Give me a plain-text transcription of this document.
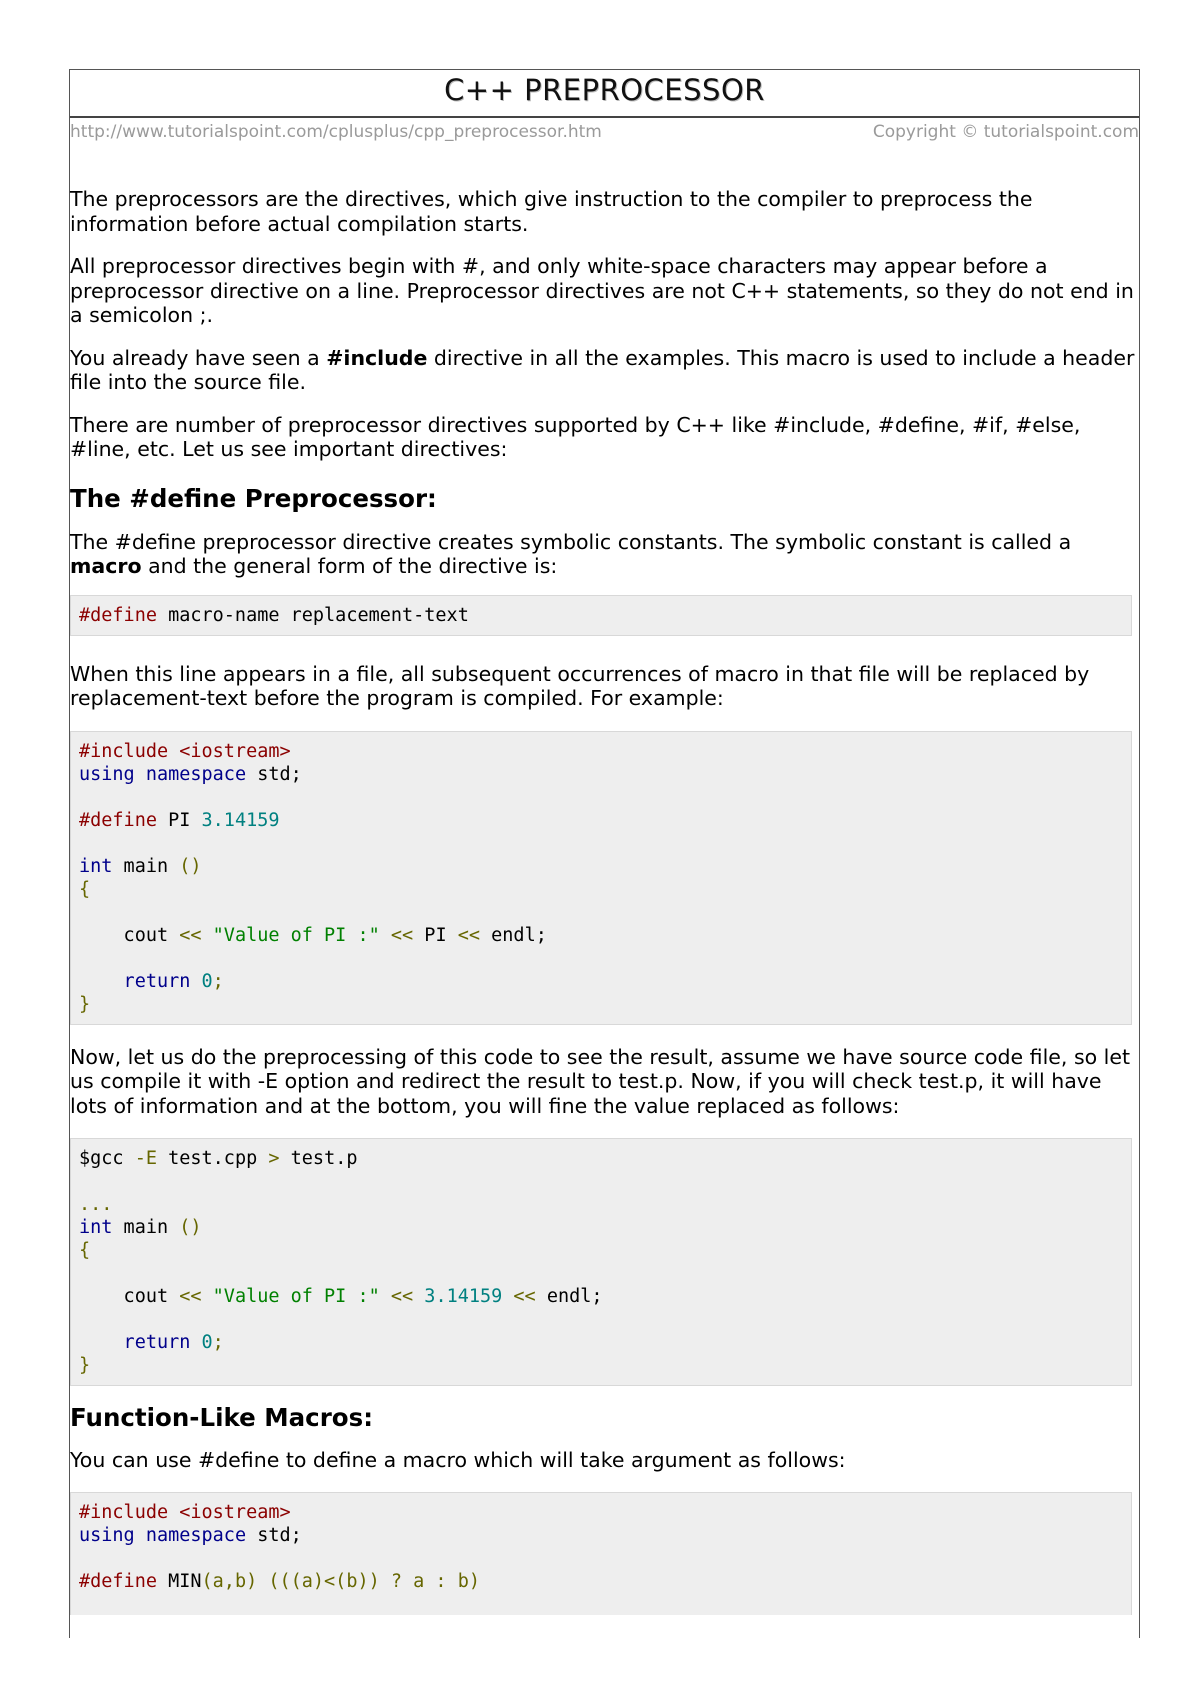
C++ PREPROCESSOR
http://www.tutorialspoint.com/cplusplus/cpp_preprocessor.htm	Copyright © tutorialspoint.com

The preprocessors are the directives, which give instruction to the compiler to preprocess the information before actual compilation starts.

All preprocessor directives begin with #, and only white-space characters may appear before a preprocessor directive on a line. Preprocessor directives are not C++ statements, so they do not end in a semicolon ;.

You already have seen a #include directive in all the examples. This macro is used to include a header file into the source file.

There are number of preprocessor directives supported by C++ like #include, #define, #if, #else, #line, etc. Let us see important directives:

The #define Preprocessor:

The #define preprocessor directive creates symbolic constants. The symbolic constant is called a macro and the general form of the directive is:

#define macro-name replacement-text

When this line appears in a file, all subsequent occurrences of macro in that file will be replaced by replacement-text before the program is compiled. For example:

#include <iostream>
using namespace std;
#define PI 3.14159
int main ()
{
cout << "Value of PI :" << PI << endl;
return 0;
}

Now, let us do the preprocessing of this code to see the result, assume we have source code file, so let us compile it with -E option and redirect the result to test.p. Now, if you will check test.p, it will have lots of information and at the bottom, you will fine the value replaced as follows:

$gcc -E test.cpp > test.p
...
int main ()
{
cout << "Value of PI :" << 3.14159 << endl;
return 0;
}
Function-Like Macros:

You can use #define to define a macro which will take argument as follows:

#include <iostream>
using namespace std;
#define MIN(a,b) (((a)<(b)) ? a : b)
